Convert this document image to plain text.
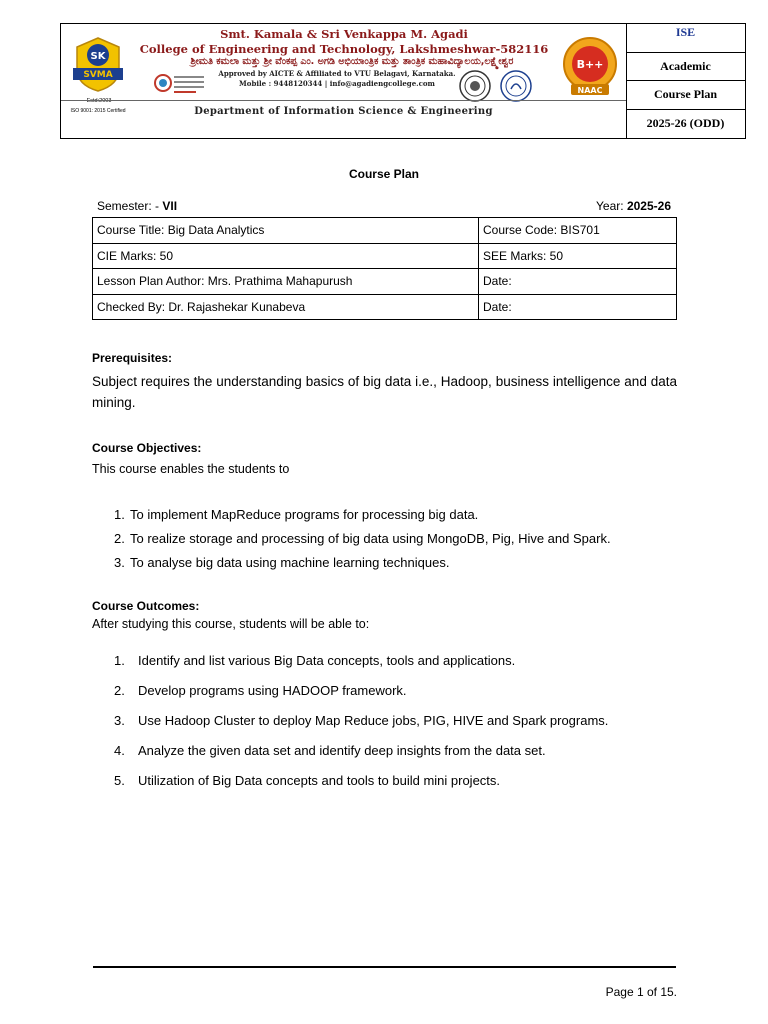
SK
SVMA
Estd:2003
ISO 9001: 2015 Certified
Smt. Kamala & Sri Venkappa M. Agadi
College of Engineering and Technology, Lakshmeshwar-582116
ಶ್ರೀಮತಿ ಕಮಲಾ ಮತ್ತು ಶ್ರೀ ವೆಂಕಪ್ಪ ಎಂ. ಅಗಡಿ ಅಭಿಯಾಂತ್ರಿಕ ಮತ್ತು ತಾಂತ್ರಿಕ ಮಹಾವಿದ್ಯಾಲಯ,ಲಕ್ಷ್ಮೇಶ್ವರ
Approved by AICTE & Affiliated to VTU Belagavi, Karnataka.
Mobile : 9448120344 | info@agadiengcollege.com
B++
NAAC
Department of Information Science & Engineering
ISE
Academic
Course Plan
2025-26 (ODD)
Course Plan
Semester: - VII	Year: 2025-26
Course Title: Big Data Analytics	Course Code: BIS701
CIE Marks: 50	SEE Marks: 50
Lesson Plan Author: Mrs. Prathima Mahapurush	Date:
Checked By: Dr. Rajashekar Kunabeva	Date:
Prerequisites:
Subject requires the understanding basics of big data i.e., Hadoop, business intelligence and data mining.
Course Objectives:
This course enables the students to
1. To implement MapReduce programs for processing big data.
2. To realize storage and processing of big data using MongoDB, Pig, Hive and Spark.
3. To analyse big data using machine learning techniques.
Course Outcomes:
After studying this course, students will be able to:
1. Identify and list various Big Data concepts, tools and applications.
2. Develop programs using HADOOP framework.
3. Use Hadoop Cluster to deploy Map Reduce jobs, PIG, HIVE and Spark programs.
4. Analyze the given data set and identify deep insights from the data set.
5. Utilization of Big Data concepts and tools to build mini projects.
Page 1 of 15.
